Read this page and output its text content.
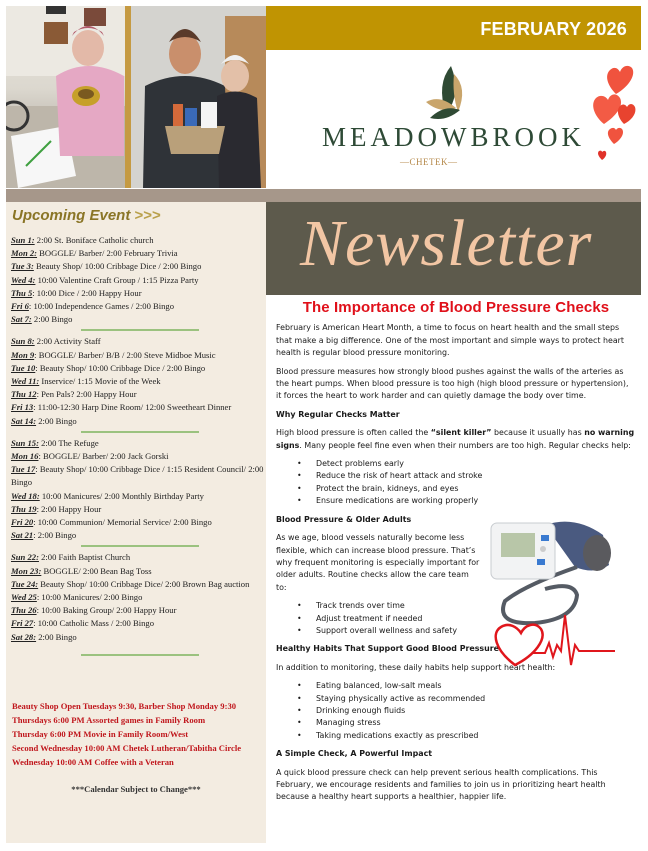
FEBRUARY 2026
MEADOWBROOK
—CHETEK—
Upcoming Event >>>
Sun 1: 2:00 St. Boniface Catholic church
Mon 2: BOGGLE/ Barber/ 2:00 February Trivia
Tue 3: Beauty Shop/ 10:00 Cribbage Dice / 2:00 Bingo
Wed 4: 10:00 Valentine Craft Group / 1:15 Pizza Party
Thu 5: 10:00 Dice / 2:00 Happy Hour
Fri 6: 10:00 Independence Games / 2:00 Bingo
Sat 7: 2:00 Bingo
Sun 8: 2:00 Activity Staff
Mon 9: BOGGLE/ Barber/ B/B / 2:00 Steve Midboe Music
Tue 10: Beauty Shop/ 10:00 Cribbage Dice / 2:00 Bingo
Wed 11: Inservice/ 1:15 Movie of the Week
Thu 12: Pen Pals? 2:00 Happy Hour
Fri 13: 11:00-12:30 Harp Dine Room/ 12:00 Sweetheart Dinner
Sat 14: 2:00 Bingo
Sun 15: 2:00 The Refuge
Mon 16: BOGGLE/ Barber/ 2:00 Jack Gorski
Tue 17: Beauty Shop/ 10:00 Cribbage Dice / 1:15 Resident Council/ 2:00 Bingo
Wed 18: 10:00 Manicures/ 2:00 Monthly Birthday Party
Thu 19: 2:00 Happy Hour
Fri 20: 10:00 Communion/ Memorial Service/ 2:00 Bingo
Sat 21: 2:00 Bingo
Sun 22: 2:00 Faith Baptist Church
Mon 23: BOGGLE/ 2:00 Bean Bag Toss
Tue 24: Beauty Shop/ 10:00 Cribbage Dice/ 2:00 Brown Bag auction
Wed 25: 10:00 Manicures/ 2:00 Bingo
Thu 26: 10:00 Baking Group/ 2:00 Happy Hour
Fri 27: 10:00 Catholic Mass / 2:00 Bingo
Sat 28: 2:00 Bingo
Beauty Shop Open Tuesdays 9:30, Barber Shop Monday 9:30
Thursdays 6:00 PM Assorted games in Family Room
Thursday 6:00 PM Movie in Family Room/West
Second Wednesday 10:00 AM Chetek Lutheran/Tabitha Circle
Wednesday 10:00 AM Coffee with a Veteran
***Calendar Subject to Change***
Newsletter
The Importance of Blood Pressure Checks

February is American Heart Month, a time to focus on heart health and the small steps that make a big difference. One of the most important and simple ways to protect heart health is regular blood pressure monitoring.

Blood pressure measures how strongly blood pushes against the walls of the arteries as the heart pumps. When blood pressure is too high (high blood pressure or hypertension), it forces the heart to work harder and can quietly damage the body over time.

Why Regular Checks Matter

High blood pressure is often called the “silent killer” because it usually has no warning signs. Many people feel fine even when their numbers are too high. Regular checks help:

• Detect problems early
• Reduce the risk of heart attack and stroke
• Protect the brain, kidneys, and eyes
• Ensure medications are working properly
Blood Pressure & Older Adults

As we age, blood vessels naturally become less flexible, which can increase blood pressure. That’s why frequent monitoring is especially important for older adults. Routine checks allow the care team to:

• Track trends over time
• Adjust treatment if needed
• Support overall wellness and safety
Healthy Habits That Support Good Blood Pressure

In addition to monitoring, these daily habits help support heart health:

• Eating balanced, low-salt meals
• Staying physically active as recommended
• Drinking enough fluids
• Managing stress
• Taking medications exactly as prescribed
A Simple Check, A Powerful Impact

A quick blood pressure check can help prevent serious health complications. This February, we encourage residents and families to join us in prioritizing heart health because a healthy heart supports a healthier, happier life.
